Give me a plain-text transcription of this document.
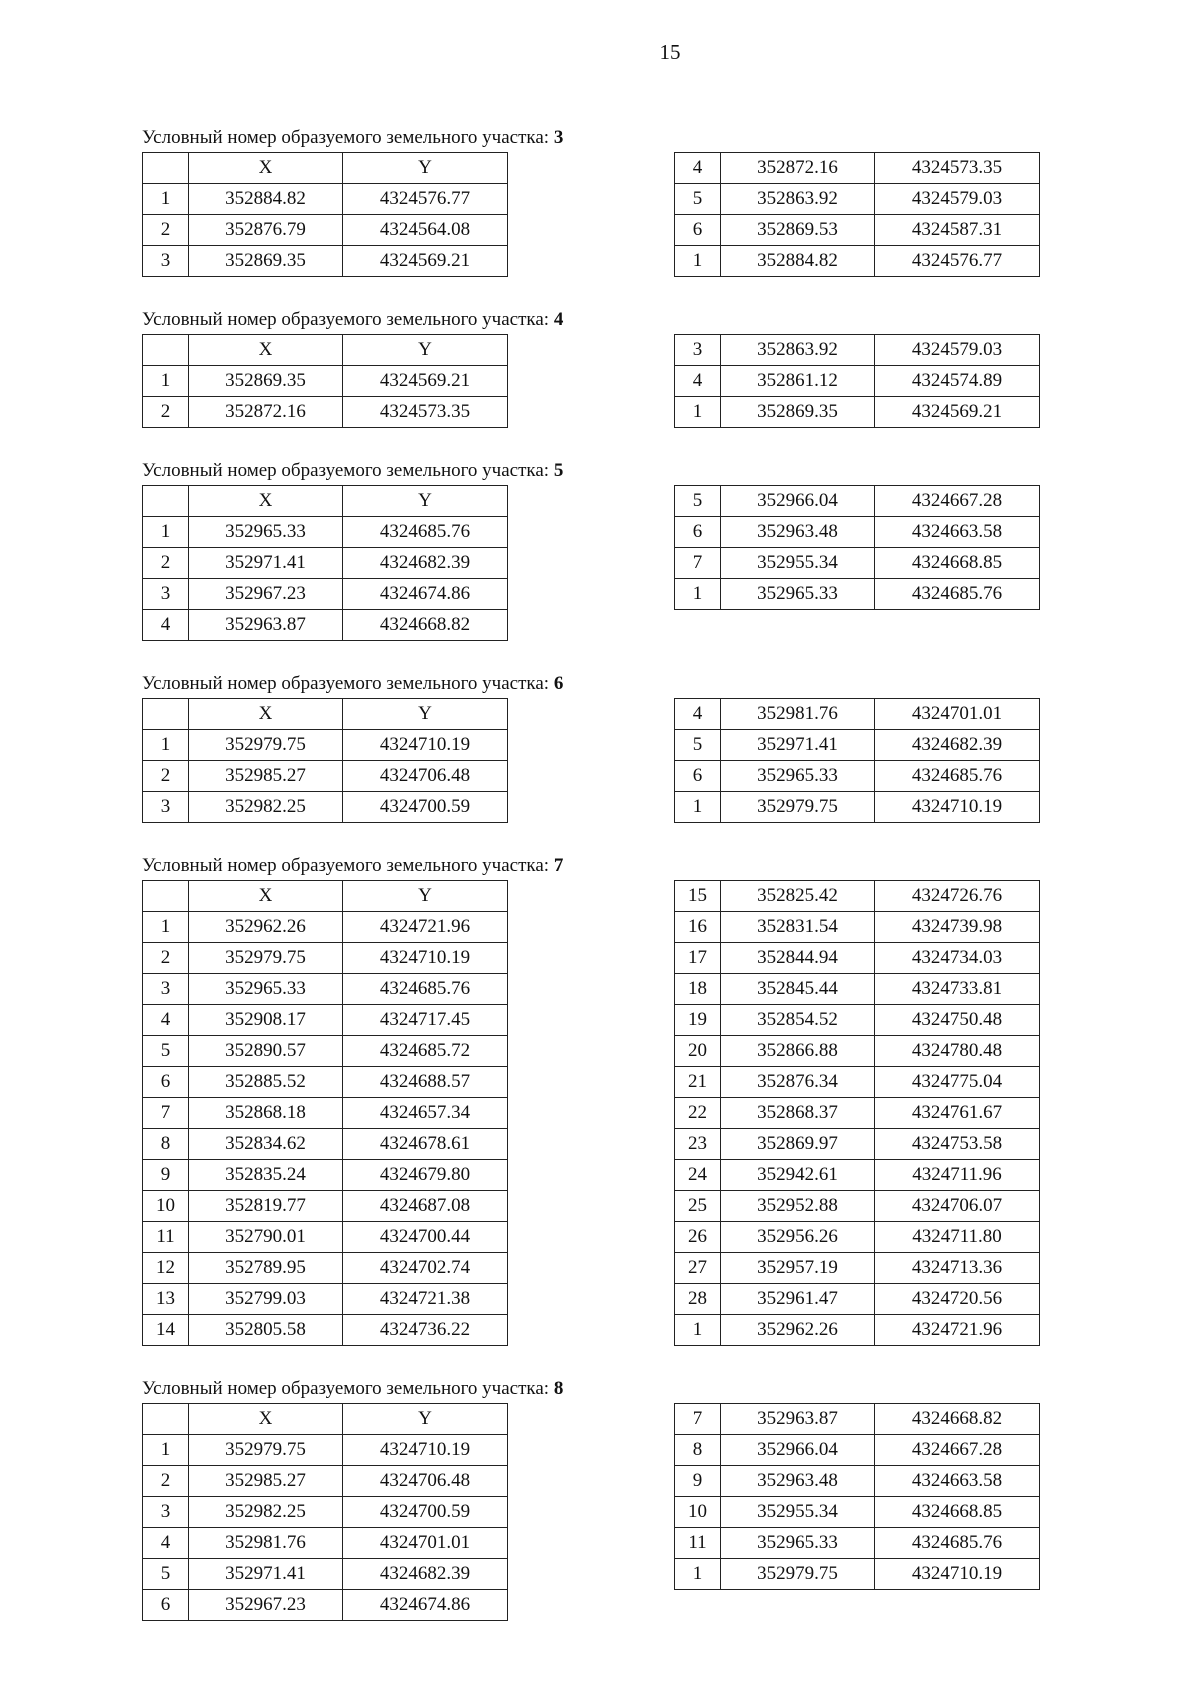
15
Условный номер образуемого земельного участка: 3
	X	Y
1	352884.82	4324576.77
2	352876.79	4324564.08
3	352869.35	4324569.21
4	352872.16	4324573.35
5	352863.92	4324579.03
6	352869.53	4324587.31
1	352884.82	4324576.77
Условный номер образуемого земельного участка: 4
	X	Y
1	352869.35	4324569.21
2	352872.16	4324573.35
3	352863.92	4324579.03
4	352861.12	4324574.89
1	352869.35	4324569.21
Условный номер образуемого земельного участка: 5
	X	Y
1	352965.33	4324685.76
2	352971.41	4324682.39
3	352967.23	4324674.86
4	352963.87	4324668.82
5	352966.04	4324667.28
6	352963.48	4324663.58
7	352955.34	4324668.85
1	352965.33	4324685.76
Условный номер образуемого земельного участка: 6
	X	Y
1	352979.75	4324710.19
2	352985.27	4324706.48
3	352982.25	4324700.59
4	352981.76	4324701.01
5	352971.41	4324682.39
6	352965.33	4324685.76
1	352979.75	4324710.19
Условный номер образуемого земельного участка: 7
	X	Y
1	352962.26	4324721.96
2	352979.75	4324710.19
3	352965.33	4324685.76
4	352908.17	4324717.45
5	352890.57	4324685.72
6	352885.52	4324688.57
7	352868.18	4324657.34
8	352834.62	4324678.61
9	352835.24	4324679.80
10	352819.77	4324687.08
11	352790.01	4324700.44
12	352789.95	4324702.74
13	352799.03	4324721.38
14	352805.58	4324736.22
15	352825.42	4324726.76
16	352831.54	4324739.98
17	352844.94	4324734.03
18	352845.44	4324733.81
19	352854.52	4324750.48
20	352866.88	4324780.48
21	352876.34	4324775.04
22	352868.37	4324761.67
23	352869.97	4324753.58
24	352942.61	4324711.96
25	352952.88	4324706.07
26	352956.26	4324711.80
27	352957.19	4324713.36
28	352961.47	4324720.56
1	352962.26	4324721.96
Условный номер образуемого земельного участка: 8
	X	Y
1	352979.75	4324710.19
2	352985.27	4324706.48
3	352982.25	4324700.59
4	352981.76	4324701.01
5	352971.41	4324682.39
6	352967.23	4324674.86
7	352963.87	4324668.82
8	352966.04	4324667.28
9	352963.48	4324663.58
10	352955.34	4324668.85
11	352965.33	4324685.76
1	352979.75	4324710.19
